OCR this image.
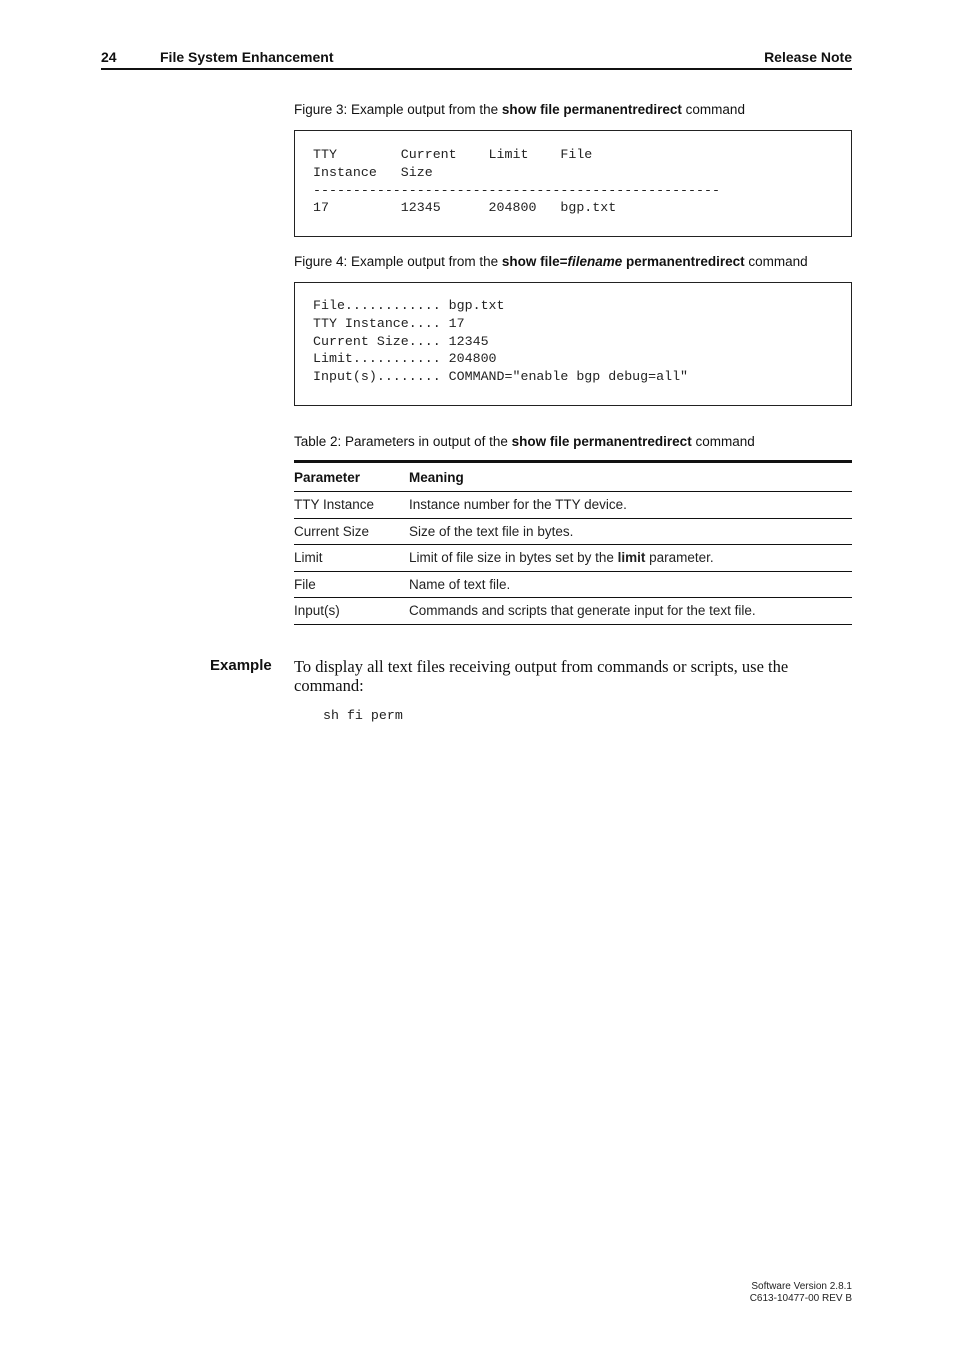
24	File System Enhancement	Release Note
Figure 3: Example output from the show file permanentredirect command
TTY        Current    Limit    File
Instance   Size
---------------------------------------------------
17         12345      204800   bgp.txt
Figure 4: Example output from the show file=filename permanentredirect command
File............ bgp.txt
TTY Instance.... 17
Current Size.... 12345
Limit........... 204800
Input(s)........ COMMAND="enable bgp debug=all"
Table 2: Parameters in output of the show file permanentredirect command
Parameter	Meaning
TTY Instance	Instance number for the TTY device.
Current Size	Size of the text file in bytes.
Limit	Limit of file size in bytes set by the limit parameter.
File	Name of text file.
Input(s)	Commands and scripts that generate input for the text file.
Example To display all text files receiving output from commands or scripts, use the command:
sh fi perm
Software Version 2.8.1
C613-10477-00 REV B
